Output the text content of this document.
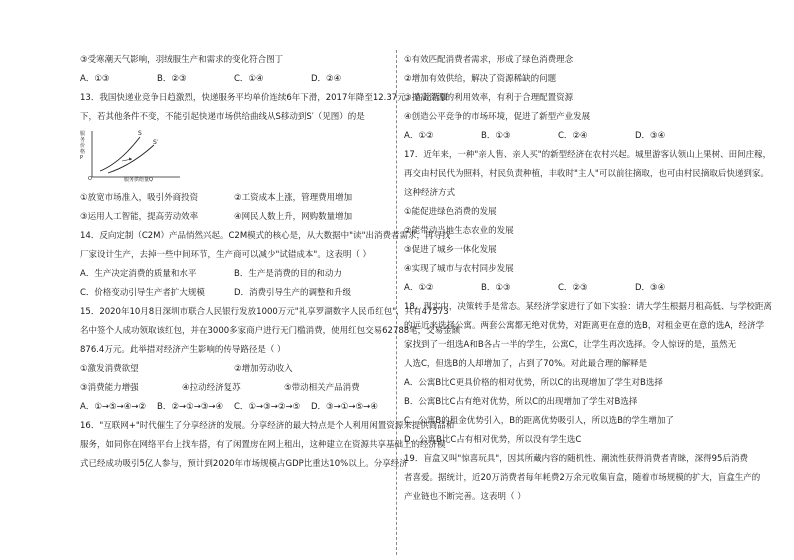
③受寒潮天气影响，羽绒服生产和需求的变化符合图丁

A．①③	B．②③	C．①④	D．②④

13．我国快递业竞争日趋激烈，快递服务平均单价连续6年下滑，2017年降至12.37元。在此背景

下，若其他条件不变，不能引起快递市场供给曲线从S移动到S′（见图）的是

服务价格P
S
S′
O	服务供给量Q
①放宽市场准入，吸引外商投资	②工资成本上涨，管理费用增加
③运用人工智能，提高劳动效率	④网民人数上升，网购数量增加

14．反向定制（C2M）产品悄然兴起。C2M模式的核心是，从大数据中"读"出消费者需求，再寻找

厂家设计生产，去掉一些中间环节，生产商可以减少"试错成本"。这表明（ ）

A．生产决定消费的质量和水平	B．生产是消费的目的和动力
C．价格变动引导生产者扩大规模	D．消费引导生产的调整和升级

15．2020年10月8日深圳市联合人民银行发放1000万元"礼享罗湖数字人民币红包"，共有47573

名中签个人成功领取该红包，并在3000多家商户进行无门槛消费，使用红包交易62788笔，交易金额

876.4万元。此举措对经济产生影响的传导路径是（ ）

①激发消费欲望	②增加劳动收入
③消费能力增强	④拉动经济复苏	⑤带动相关产品消费
A．①→⑤→④→②	B．②→①→③→④	C．①→③→②→⑤	D．③→①→⑤→④

16．"互联网+"时代催生了分享经济的发展。分享经济的最大特点是个人利用闲置资源来提供商品和

服务，如同你在网络平台上找车搭，有了闲置房在网上租出，这种建立在资源共享基础上的经济模

式已经成功吸引5亿人参与，预计到2020年市场规模占GDP比重达10%以上。分享经济

①有效匹配消费者需求，形成了绿色消费理念

②增加有效供给，解决了资源稀缺的问题

③提高资源的利用效率，有利于合理配置资源

④创造公平竞争的市场环境，促进了新型产业发展

A．①②	B．①③	C．②④	D．③④

17．近年来，一种"亲人售、亲人买"的新型经济在农村兴起。城里游客认领山上果树、田间庄稼，

再交由村民代为照料，村民负责种植，丰收时"主人"可以前往摘取，也可由村民摘取后快递到家。

这种经济方式

①能促进绿色消费的发展

②能带动当地生态农业的发展

③促进了城乡一体化发展

④实现了城市与农村同步发展

A．①②	B．①③	C．②③	D．③④

18．现实中，决策转手是常态。某经济学家进行了如下实验：请大学生根据月租高低、与学校距离

的远近来选择公寓。两套公寓都无绝对优势，对距离更在意的选B，对租金更在意的选A，经济学

家找到了一组选A和B各占一半的学生，公寓C，让学生再次选择。令人惊讶的是，虽然无

人选C，但选B的人却增加了，占到了70%。对此最合理的解释是

A．公寓B比C更具价格的相对优势，所以C的出现增加了学生对B选择

B．公寓B比C占有绝对优势，所以C的出现增加了学生对B选择

C．公寓B的租金优势引入，B的距离优势吸引人，所以选B的学生增加了

D．公寓B比C占有相对优势，所以没有学生选C

19．盲盒又叫"惊喜玩具"，因其所藏内容的随机性、潮流性获得消费者青睐，深得95后消费

者喜爱。据统计，近20万消费者每年耗费2万余元收集盲盒，随着市场规模的扩大，盲盒生产的

产业链也不断完善。这表明（ ）
